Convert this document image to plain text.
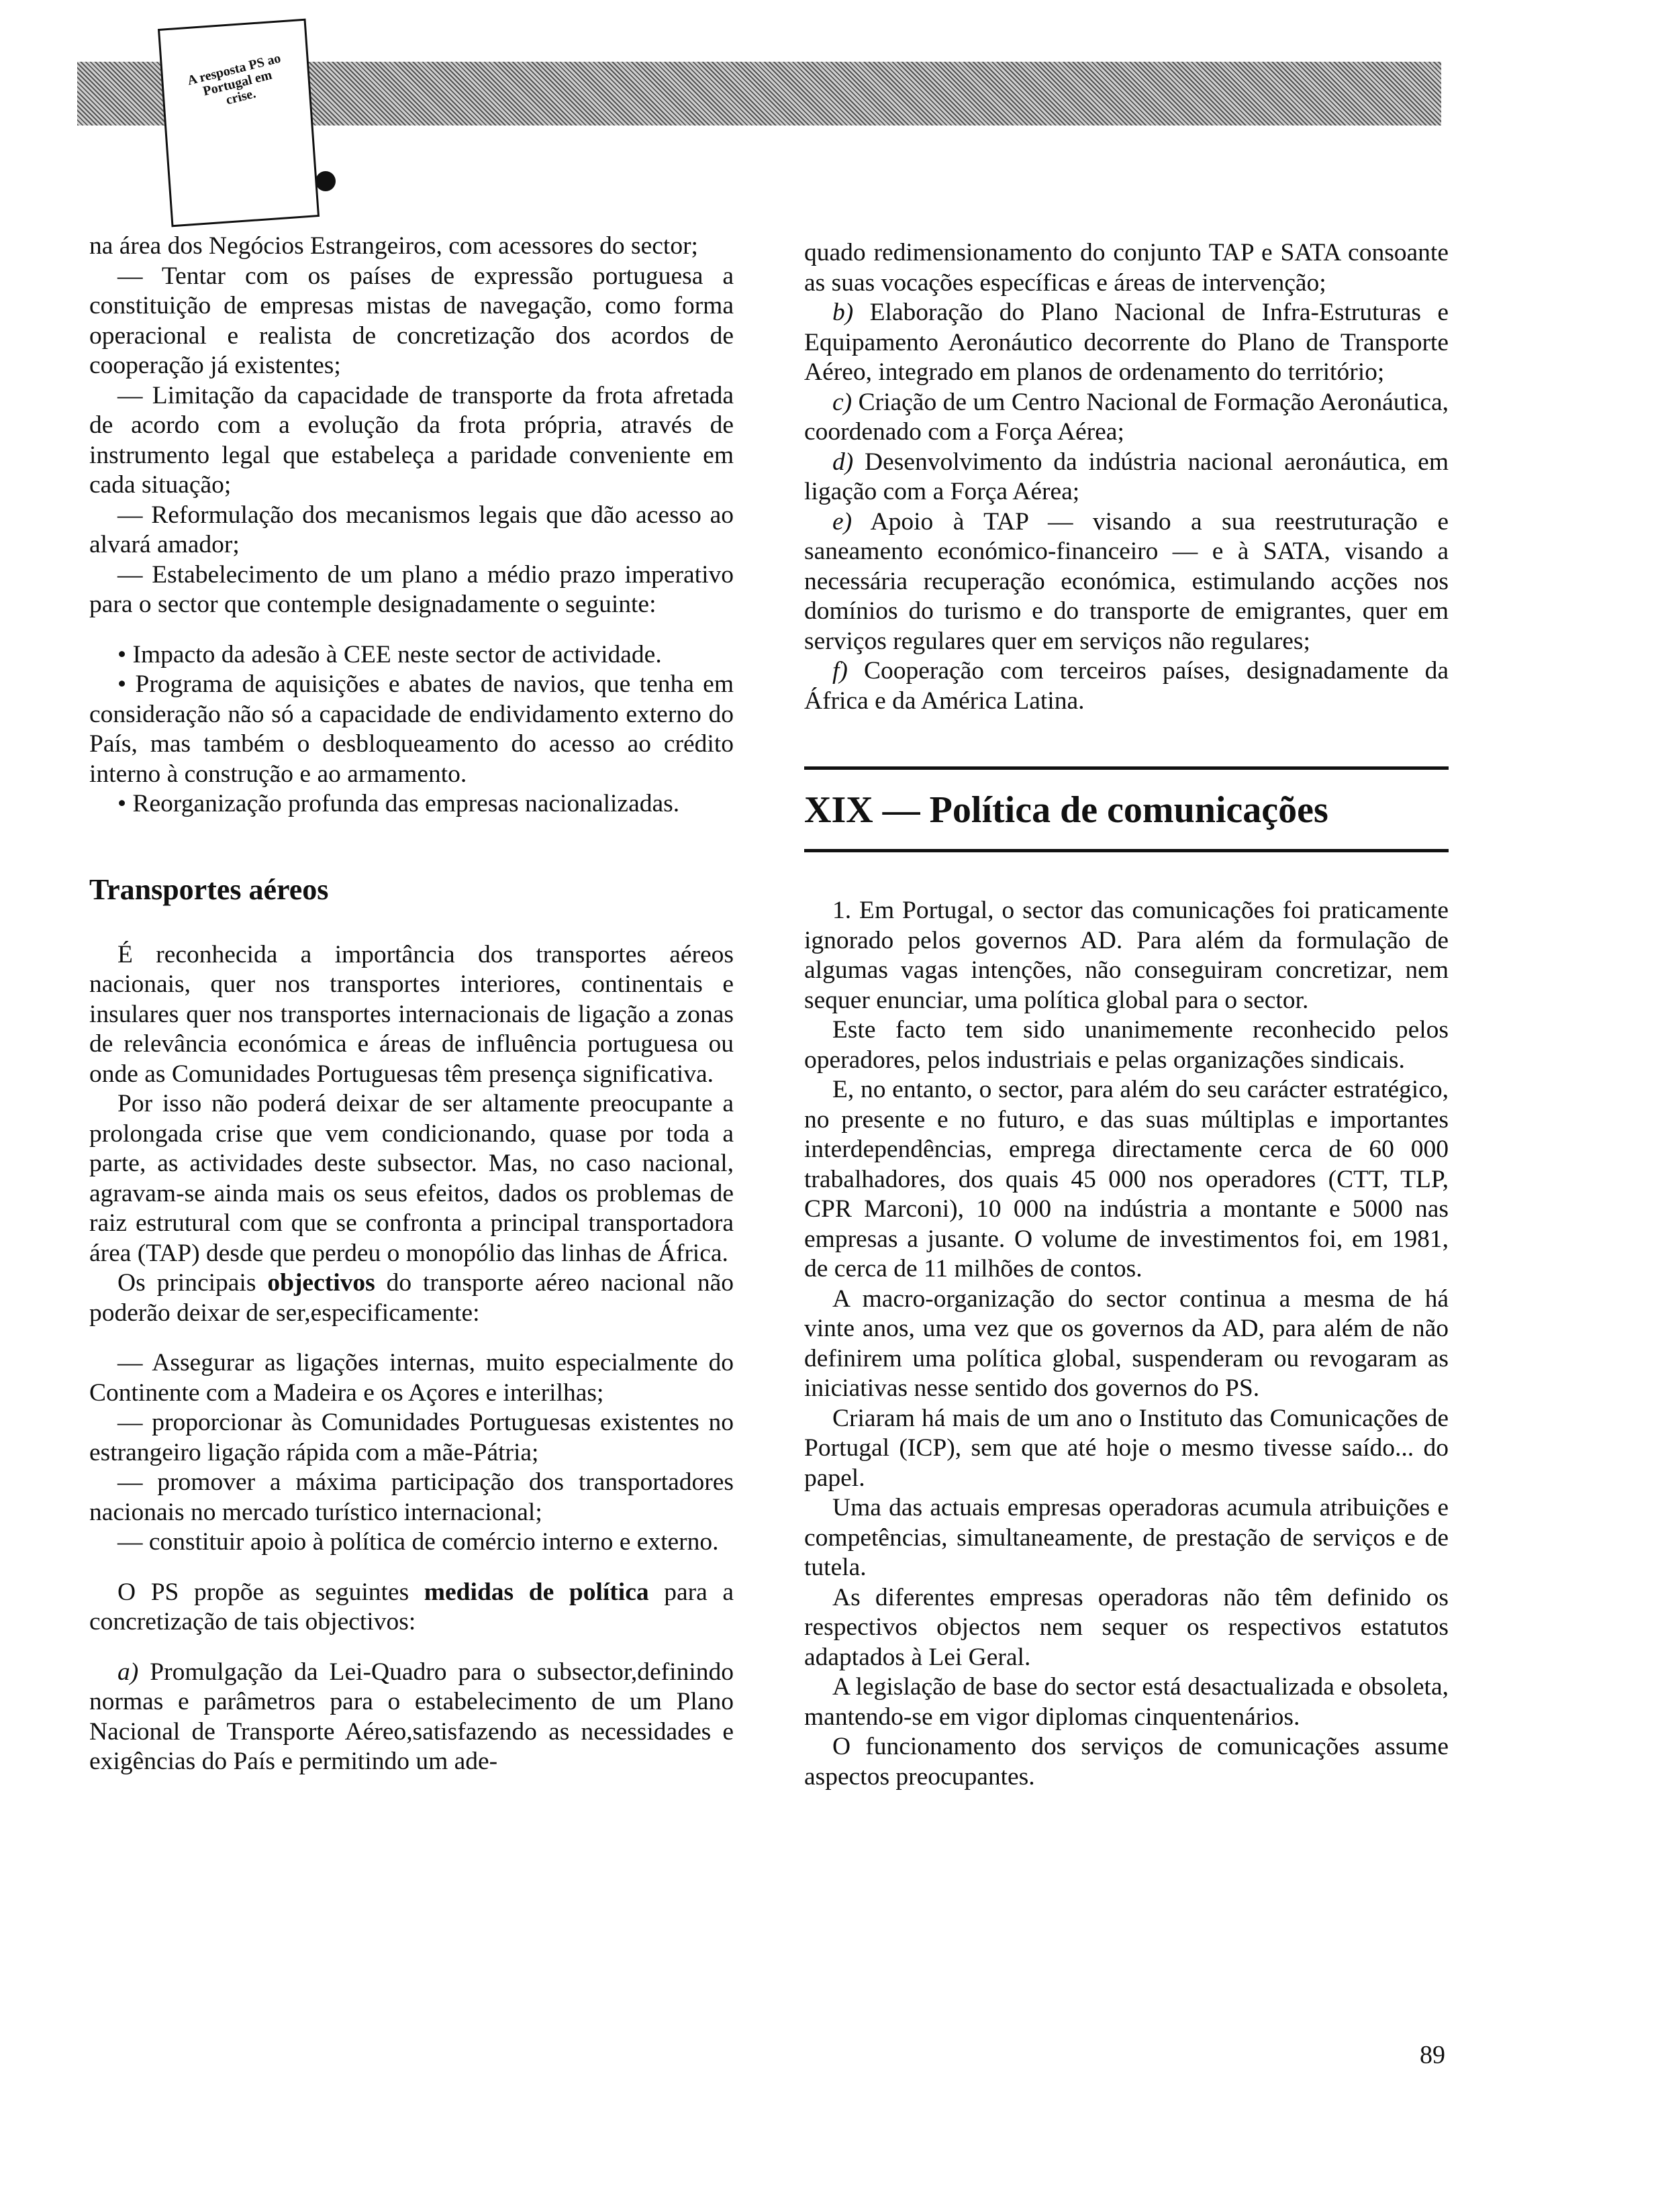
A resposta PS ao Portugal em crise.

na área dos Negócios Estrangeiros, com acessores do sector;

— Tentar com os países de expressão portuguesa a constituição de empresas mistas de navegação, como forma operacional e realista de concretização dos acordos de cooperação já existentes;

— Limitação da capacidade de transporte da frota afretada de acordo com a evolução da frota própria, através de instrumento legal que estabeleça a paridade conveniente em cada situação;

— Reformulação dos mecanismos legais que dão acesso ao alvará amador;

— Estabelecimento de um plano a médio prazo imperativo para o sector que contemple designadamente o seguinte:

• Impacto da adesão à CEE neste sector de actividade.

• Programa de aquisições e abates de navios, que tenha em consideração não só a capacidade de endividamento externo do País, mas também o desbloqueamento do acesso ao crédito interno à construção e ao armamento.

• Reorganização profunda das empresas nacionalizadas.

Transportes aéreos

É reconhecida a importância dos transportes aéreos nacionais, quer nos transportes interiores, continentais e insulares quer nos transportes internacionais de ligação a zonas de relevância económica e áreas de influência portuguesa ou onde as Comunidades Portuguesas têm presença significativa.

Por isso não poderá deixar de ser altamente preocupante a prolongada crise que vem condicionando, quase por toda a parte, as actividades deste subsector. Mas, no caso nacional, agravam-se ainda mais os seus efeitos, dados os problemas de raiz estrutural com que se confronta a principal transportadora área (TAP) desde que perdeu o monopólio das linhas de África.

Os principais objectivos do transporte aéreo nacional não poderão deixar de ser,especificamente:

— Assegurar as ligações internas, muito especialmente do Continente com a Madeira e os Açores e interilhas;

— proporcionar às Comunidades Portuguesas existentes no estrangeiro ligação rápida com a mãe-Pátria;

— promover a máxima participação dos transportadores nacionais no mercado turístico internacional;

— constituir apoio à política de comércio interno e externo.

O PS propõe as seguintes medidas de política para a concretização de tais objectivos:

a) Promulgação da Lei-Quadro para o subsector,definindo normas e parâmetros para o estabelecimento de um Plano Nacional de Transporte Aéreo,satisfazendo as necessidades e exigências do País e permitindo um ade-

quado redimensionamento do conjunto TAP e SATA consoante as suas vocações específicas e áreas de intervenção;

b) Elaboração do Plano Nacional de Infra-Estruturas e Equipamento Aeronáutico decorrente do Plano de Transporte Aéreo, integrado em planos de ordenamento do território;

c) Criação de um Centro Nacional de Formação Aeronáutica, coordenado com a Força Aérea;

d) Desenvolvimento da indústria nacional aeronáutica, em ligação com a Força Aérea;

e) Apoio à TAP — visando a sua reestruturação e saneamento económico-financeiro — e à SATA, visando a necessária recuperação económica, estimulando acções nos domínios do turismo e do transporte de emigrantes, quer em serviços regulares quer em serviços não regulares;

f) Cooperação com terceiros países, designadamente da África e da América Latina.

XIX — Política de comunicações

1. Em Portugal, o sector das comunicações foi praticamente ignorado pelos governos AD. Para além da formulação de algumas vagas intenções, não conseguiram concretizar, nem sequer enunciar, uma política global para o sector.

Este facto tem sido unanimemente reconhecido pelos operadores, pelos industriais e pelas organizações sindicais.

E, no entanto, o sector, para além do seu carácter estratégico, no presente e no futuro, e das suas múltiplas e importantes interdependências, emprega directamente cerca de 60 000 trabalhadores, dos quais 45 000 nos operadores (CTT, TLP, CPR Marconi), 10 000 na indústria a montante e 5000 nas empresas a jusante. O volume de investimentos foi, em 1981, de cerca de 11 milhões de contos.

A macro-organização do sector continua a mesma de há vinte anos, uma vez que os governos da AD, para além de não definirem uma política global, suspenderam ou revogaram as iniciativas nesse sentido dos governos do PS.

Criaram há mais de um ano o Instituto das Comunicações de Portugal (ICP), sem que até hoje o mesmo tivesse saído... do papel.

Uma das actuais empresas operadoras acumula atribuições e competências, simultaneamente, de prestação de serviços e de tutela.

As diferentes empresas operadoras não têm definido os respectivos objectos nem sequer os respectivos estatutos adaptados à Lei Geral.

A legislação de base do sector está desactualizada e obsoleta, mantendo-se em vigor diplomas cinquentenários.

O funcionamento dos serviços de comunicações assume aspectos preocupantes.

89
